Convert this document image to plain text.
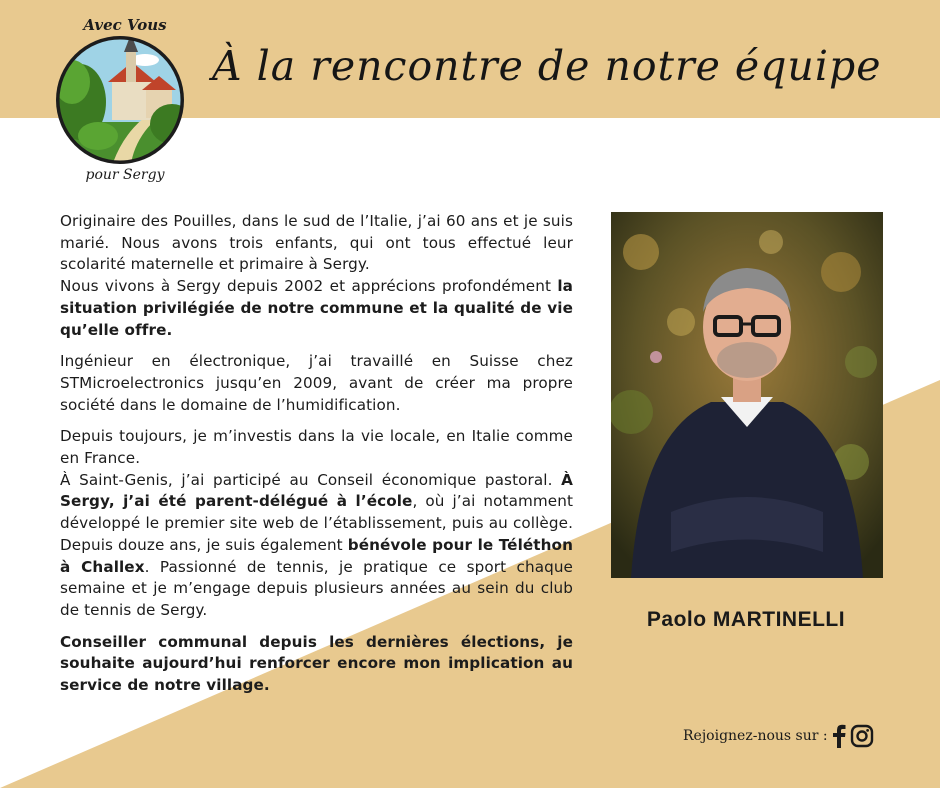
Avec Vous
pour Sergy
À la rencontre de notre équipe

Originaire des Pouilles, dans le sud de l’Italie, j’ai 60 ans et je suis marié. Nous avons trois enfants, qui ont tous effectué leur scolarité maternelle et primaire à Sergy.
Nous vivons à Sergy depuis 2002 et apprécions profondément la situation privilégiée de notre commune et la qualité de vie qu’elle offre.

Ingénieur en électronique, j’ai travaillé en Suisse chez STMicroelectronics jusqu’en 2009, avant de créer ma propre société dans le domaine de l’humidification.

Depuis toujours, je m’investis dans la vie locale, en Italie comme en France.
À Saint-Genis, j’ai participé au Conseil économique pastoral. À Sergy, j’ai été parent-délégué à l’école, où j’ai notamment développé le premier site web de l’établissement, puis au collège. Depuis douze ans, je suis également bénévole pour le Téléthon à Challex. Passionné de tennis, je pratique ce sport chaque semaine et je m’engage depuis plusieurs années au sein du club de tennis de Sergy.

Conseiller communal depuis les dernières élections, je souhaite aujourd’hui renforcer encore mon implication au service de notre village.

Paolo MARTINELLI
Rejoignez-nous sur :
